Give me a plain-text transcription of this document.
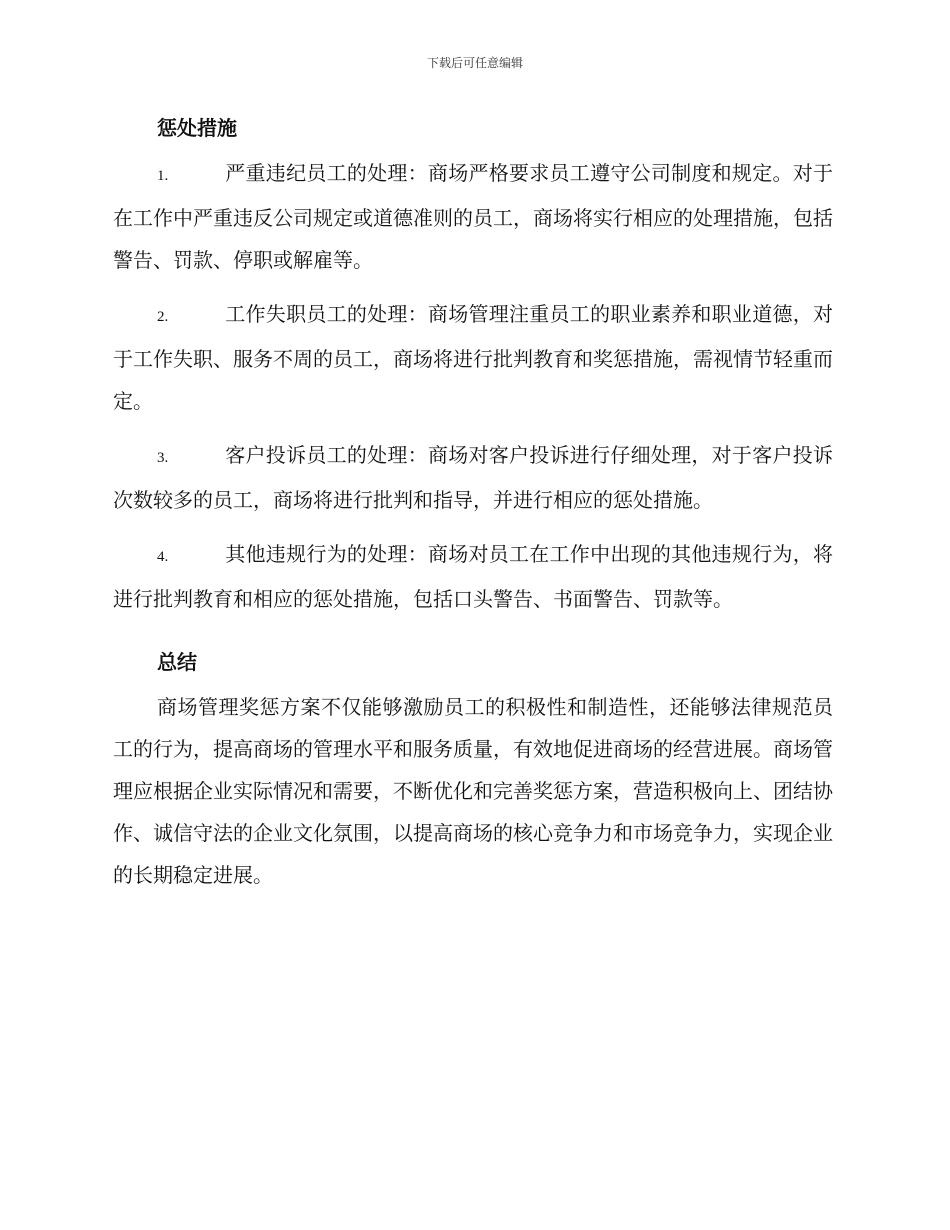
下载后可任意编辑
惩处措施
1.	严重违纪员工的处理：商场严格要求员工遵守公司制度和规定。对于在工作中严重违反公司规定或道德准则的员工，商场将实行相应的处理措施，包括警告、罚款、停职或解雇等。
2.	工作失职员工的处理：商场管理注重员工的职业素养和职业道德，对于工作失职、服务不周的员工，商场将进行批判教育和奖惩措施，需视情节轻重而定。
3.	客户投诉员工的处理：商场对客户投诉进行仔细处理，对于客户投诉次数较多的员工，商场将进行批判和指导，并进行相应的惩处措施。
4.	其他违规行为的处理：商场对员工在工作中出现的其他违规行为，将进行批判教育和相应的惩处措施，包括口头警告、书面警告、罚款等。
总结
商场管理奖惩方案不仅能够激励员工的积极性和制造性，还能够法律规范员工的行为，提高商场的管理水平和服务质量，有效地促进商场的经营进展。商场管理应根据企业实际情况和需要，不断优化和完善奖惩方案，营造积极向上、团结协作、诚信守法的企业文化氛围，以提高商场的核心竞争力和市场竞争力，实现企业的长期稳定进展。
